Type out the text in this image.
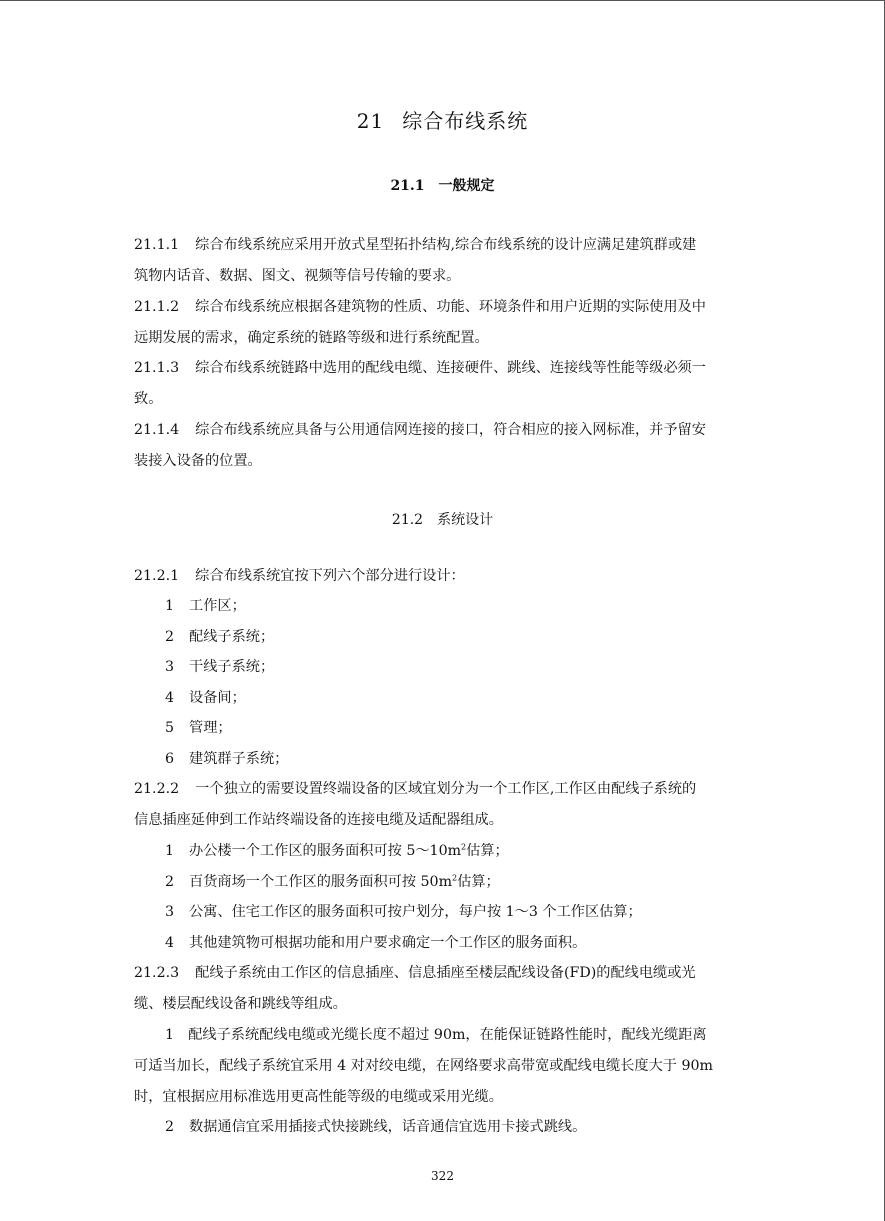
21 综合布线系统
21.1 一般规定
21.1.1 综合布线系统应采用开放式星型拓扑结构,综合布线系统的设计应满足建筑群或建
筑物内话音、数据、图文、视频等信号传输的要求。
21.1.2 综合布线系统应根据各建筑物的性质、功能、环境条件和用户近期的实际使用及中
远期发展的需求，确定系统的链路等级和进行系统配置。
21.1.3 综合布线系统链路中选用的配线电缆、连接硬件、跳线、连接线等性能等级必须一
致。
21.1.4 综合布线系统应具备与公用通信网连接的接口，符合相应的接入网标准，并予留安
装接入设备的位置。
21.2 系统设计
21.2.1 综合布线系统宜按下列六个部分进行设计：
1 工作区；
2 配线子系统；
3 干线子系统；
4 设备间；
5 管理；
6 建筑群子系统；
21.2.2 一个独立的需要设置终端设备的区域宜划分为一个工作区,工作区由配线子系统的
信息插座延伸到工作站终端设备的连接电缆及适配器组成。
1 办公楼一个工作区的服务面积可按 $5\sim 10m^2$估算；
2 百货商场一个工作区的服务面积可按 $50m^2$估算；
3 公寓、住宅工作区的服务面积可按户划分，每户按 1～3 个工作区估算；
4 其他建筑物可根据功能和用户要求确定一个工作区的服务面积。
21.2.3 配线子系统由工作区的信息插座、信息插座至楼层配线设备(FD)的配线电缆或光
缆、楼层配线设备和跳线等组成。
1　配线子系统配线电缆或光缆长度不超过 90m，在能保证链路性能时，配线光缆距离
可适当加长，配线子系统宜采用 4 对对绞电缆，在网络要求高带宽或配线电缆长度大于 90m
时，宜根据应用标准选用更高性能等级的电缆或采用光缆。
2 数据通信宜采用插接式快接跳线，话音通信宜选用卡接式跳线。
322
